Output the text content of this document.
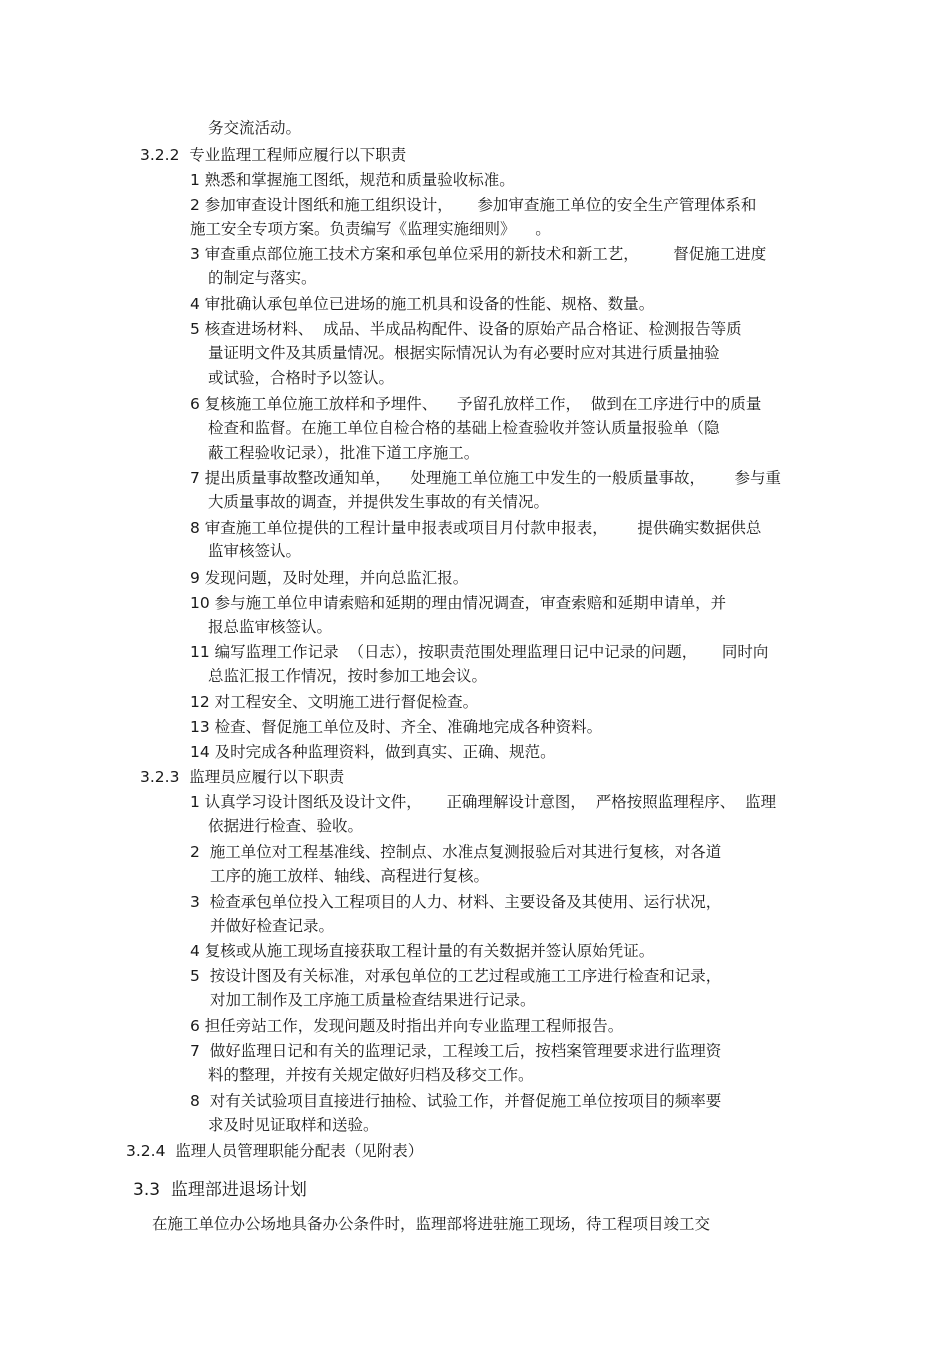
务交流活动。
3.2.2  专业监理工程师应履行以下职责
1 熟悉和掌握施工图纸，规范和质量验收标准。
2 参加审查设计图纸和施工组织设计，     参加审查施工单位的安全生产管理体系和
施工安全专项方案。负责编写《监理实施细则》    。
3 审查重点部位施工技术方案和承包单位采用的新技术和新工艺，       督促施工进度
的制定与落实。
4 审批确认承包单位已进场的施工机具和设备的性能、规格、数量。
5 核查进场材料、  成品、半成品构配件、设备的原始产品合格证、检测报告等质
量证明文件及其质量情况。根据实际情况认为有必要时应对其进行质量抽验
或试验，合格时予以签认。
6 复核施工单位施工放样和予埋件、    予留孔放样工作，  做到在工序进行中的质量
检查和监督。在施工单位自检合格的基础上检查验收并签认质量报验单（隐
蔽工程验收记录），批准下道工序施工。
7 提出质量事故整改通知单，    处理施工单位施工中发生的一般质量事故，      参与重
大质量事故的调查，并提供发生事故的有关情况。
8 审查施工单位提供的工程计量申报表或项目月付款申报表，      提供确实数据供总
监审核签认。
9 发现问题，及时处理，并向总监汇报。
10 参与施工单位申请索赔和延期的理由情况调查，审查索赔和延期申请单，并
报总监审核签认。
11 编写监理工作记录  （日志），按职责范围处理监理日记中记录的问题，     同时向
总监汇报工作情况，按时参加工地会议。
12 对工程安全、文明施工进行督促检查。
13 检查、督促施工单位及时、齐全、准确地完成各种资料。
14 及时完成各种监理资料，做到真实、正确、规范。
3.2.3  监理员应履行以下职责
1 认真学习设计图纸及设计文件，     正确理解设计意图，  严格按照监理程序、  监理
依据进行检查、验收。
2  施工单位对工程基准线、控制点、水准点复测报验后对其进行复核，对各道
工序的施工放样、轴线、高程进行复核。
3  检查承包单位投入工程项目的人力、材料、主要设备及其使用、运行状况，
并做好检查记录。
4 复核或从施工现场直接获取工程计量的有关数据并签认原始凭证。
5  按设计图及有关标准，对承包单位的工艺过程或施工工序进行检查和记录，
对加工制作及工序施工质量检查结果进行记录。
6 担任旁站工作，发现问题及时指出并向专业监理工程师报告。
7  做好监理日记和有关的监理记录，工程竣工后，按档案管理要求进行监理资
料的整理，并按有关规定做好归档及移交工作。
8  对有关试验项目直接进行抽检、试验工作，并督促施工单位按项目的频率要
求及时见证取样和送验。
3.2.4  监理人员管理职能分配表（见附表）
3.3  监理部进退场计划
在施工单位办公场地具备办公条件时，监理部将进驻施工现场，待工程项目竣工交
